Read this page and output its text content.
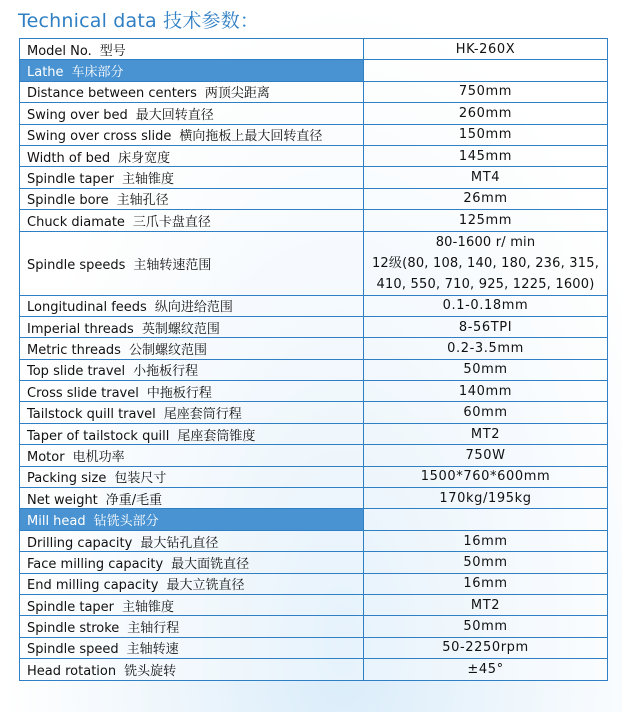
Technical data 技术参数：
Model No. 型号	HK-260X
Lathe 车床部分	
Distance between centers 两顶尖距离	750mm
Swing over bed 最大回转直径	260mm
Swing over cross slide 横向拖板上最大回转直径	150mm
Width of bed 床身宽度	145mm
Spindle taper 主轴锥度	MT4
Spindle bore 主轴孔径	26mm
Chuck diamate 三爪卡盘直径	125mm
Spindle speeds 主轴转速范围	80-1600 r/ min
12级(80, 108, 140, 180, 236, 315,
410, 550, 710, 925, 1225, 1600)

Longitudinal feeds 纵向进给范围	0.1-0.18mm
Imperial threads 英制螺纹范围	8-56TPI
Metric threads 公制螺纹范围	0.2-3.5mm
Top slide travel 小拖板行程	50mm
Cross slide travel 中拖板行程	140mm
Tailstock quill travel 尾座套筒行程	60mm
Taper of tailstock quill 尾座套筒锥度	MT2
Motor 电机功率	750W
Packing size 包装尺寸	1500*760*600mm
Net weight 净重/毛重	170kg/195kg
Mill head 钻铣头部分	
Drilling capacity 最大钻孔直径	16mm
Face milling capacity 最大面铣直径	50mm
End milling capacity 最大立铣直径	16mm
Spindle taper 主轴锥度	MT2
Spindle stroke 主轴行程	50mm
Spindle speed 主轴转速	50-2250rpm
Head rotation 铣头旋转	±45°
